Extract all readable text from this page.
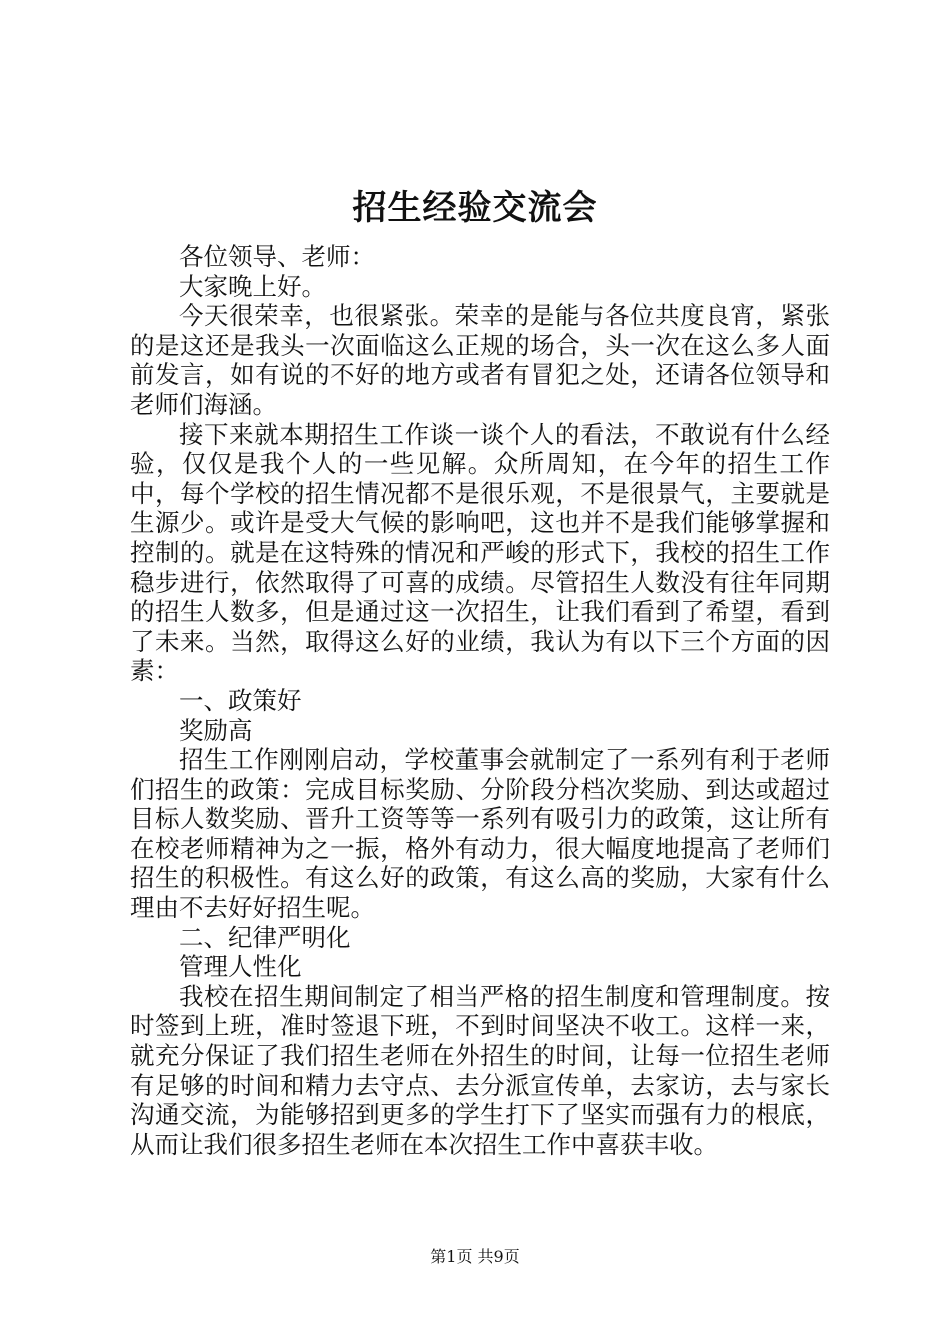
招生经验交流会

各位领导、老师：

大家晚上好。

今天很荣幸，也很紧张。荣幸的是能与各位共度良宵，紧张的是这还是我头一次面临这么正规的场合，头一次在这么多人面前发言，如有说的不好的地方或者有冒犯之处，还请各位领导和老师们海涵。

接下来就本期招生工作谈一谈个人的看法，不敢说有什么经验，仅仅是我个人的一些见解。众所周知，在今年的招生工作中，每个学校的招生情况都不是很乐观，不是很景气，主要就是生源少。或许是受大气候的影响吧，这也并不是我们能够掌握和控制的。就是在这特殊的情况和严峻的形式下，我校的招生工作稳步进行，依然取得了可喜的成绩。尽管招生人数没有往年同期的招生人数多，但是通过这一次招生，让我们看到了希望，看到了未来。当然，取得这么好的业绩，我认为有以下三个方面的因素：

一、政策好

奖励高

招生工作刚刚启动，学校董事会就制定了一系列有利于老师们招生的政策：完成目标奖励、分阶段分档次奖励、到达或超过目标人数奖励、晋升工资等等一系列有吸引力的政策，这让所有在校老师精神为之一振，格外有动力，很大幅度地提高了老师们招生的积极性。有这么好的政策，有这么高的奖励，大家有什么理由不去好好招生呢。

二、纪律严明化

管理人性化

我校在招生期间制定了相当严格的招生制度和管理制度。按时签到上班，准时签退下班，不到时间坚决不收工。这样一来，就充分保证了我们招生老师在外招生的时间，让每一位招生老师有足够的时间和精力去守点、去分派宣传单，去家访，去与家长沟通交流，为能够招到更多的学生打下了坚实而强有力的根底，从而让我们很多招生老师在本次招生工作中喜获丰收。

第1页 共9页
